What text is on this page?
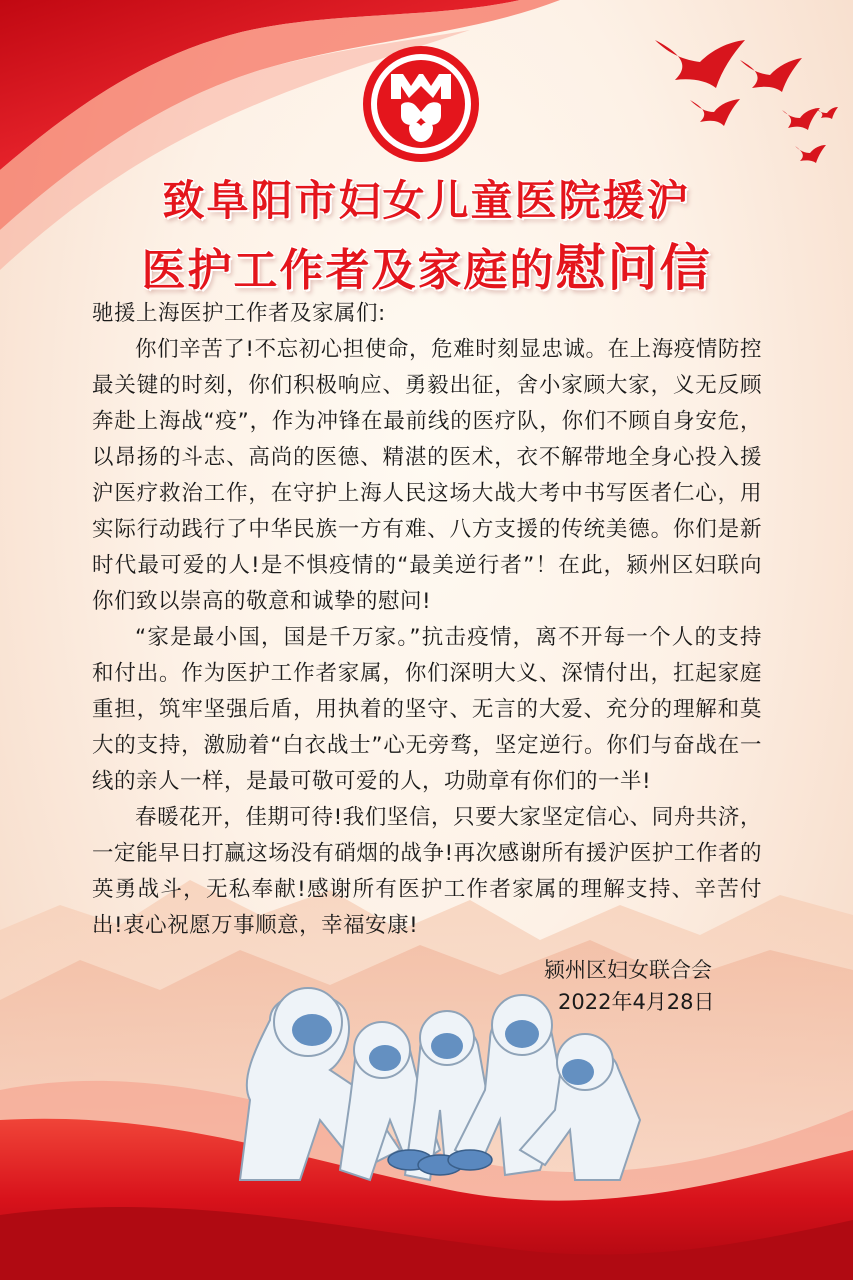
致阜阳市妇女儿童医院援沪
医护工作者及家庭的慰问信

驰援上海医护工作者及家属们:

你们辛苦了!不忘初心担使命，危难时刻显忠诚。在上海疫情防控最关键的时刻，你们积极响应、勇毅出征，舍小家顾大家，义无反顾奔赴上海战“疫”，作为冲锋在最前线的医疗队，你们不顾自身安危，以昂扬的斗志、高尚的医德、精湛的医术，衣不解带地全身心投入援沪医疗救治工作，在守护上海人民这场大战大考中书写医者仁心，用实际行动践行了中华民族一方有难、八方支援的传统美德。你们是新时代最可爱的人!是不惧疫情的“最美逆行者”！在此，颍州区妇联向你们致以崇高的敬意和诚挚的慰问!

“家是最小国，国是千万家。”抗击疫情，离不开每一个人的支持和付出。作为医护工作者家属，你们深明大义、深情付出，扛起家庭重担，筑牢坚强后盾，用执着的坚守、无言的大爱、充分的理解和莫大的支持，激励着“白衣战士”心无旁骛，坚定逆行。你们与奋战在一线的亲人一样，是最可敬可爱的人，功勋章有你们的一半!

春暖花开，佳期可待!我们坚信，只要大家坚定信心、同舟共济，一定能早日打赢这场没有硝烟的战争!再次感谢所有援沪医护工作者的英勇战斗，无私奉献!感谢所有医护工作者家属的理解支持、辛苦付出!衷心祝愿万事顺意，幸福安康!

颍州区妇女联合会
2022年4月28日
